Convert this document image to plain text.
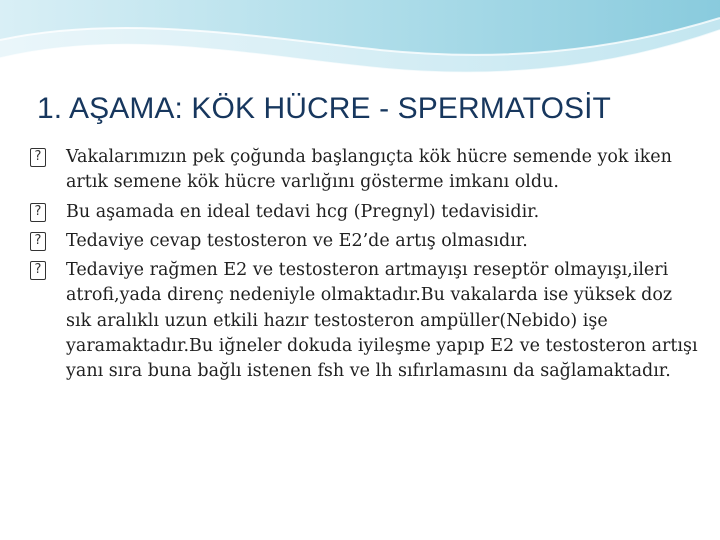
1. AŞAMA: KÖK HÜCRE - SPERMATOSİT
? Vakalarımızın pek çoğunda başlangıçta kök hücre semende yok iken artık semene kök hücre varlığını gösterme imkanı oldu.
? Bu aşamada en ideal tedavi hcg (Pregnyl) tedavisidir.
? Tedaviye cevap testosteron ve E2’de artış olmasıdır.
? Tedaviye rağmen E2 ve testosteron artmayışı reseptör olmayışı,ileri atrofi,yada direnç nedeniyle olmaktadır.Bu vakalarda ise yüksek doz sık aralıklı uzun etkili hazır testosteron ampüller(Nebido) işe yaramaktadır.Bu iğneler dokuda iyileşme yapıp E2 ve testosteron artışı yanı sıra buna bağlı istenen fsh ve lh sıfırlamasını da sağlamaktadır.
